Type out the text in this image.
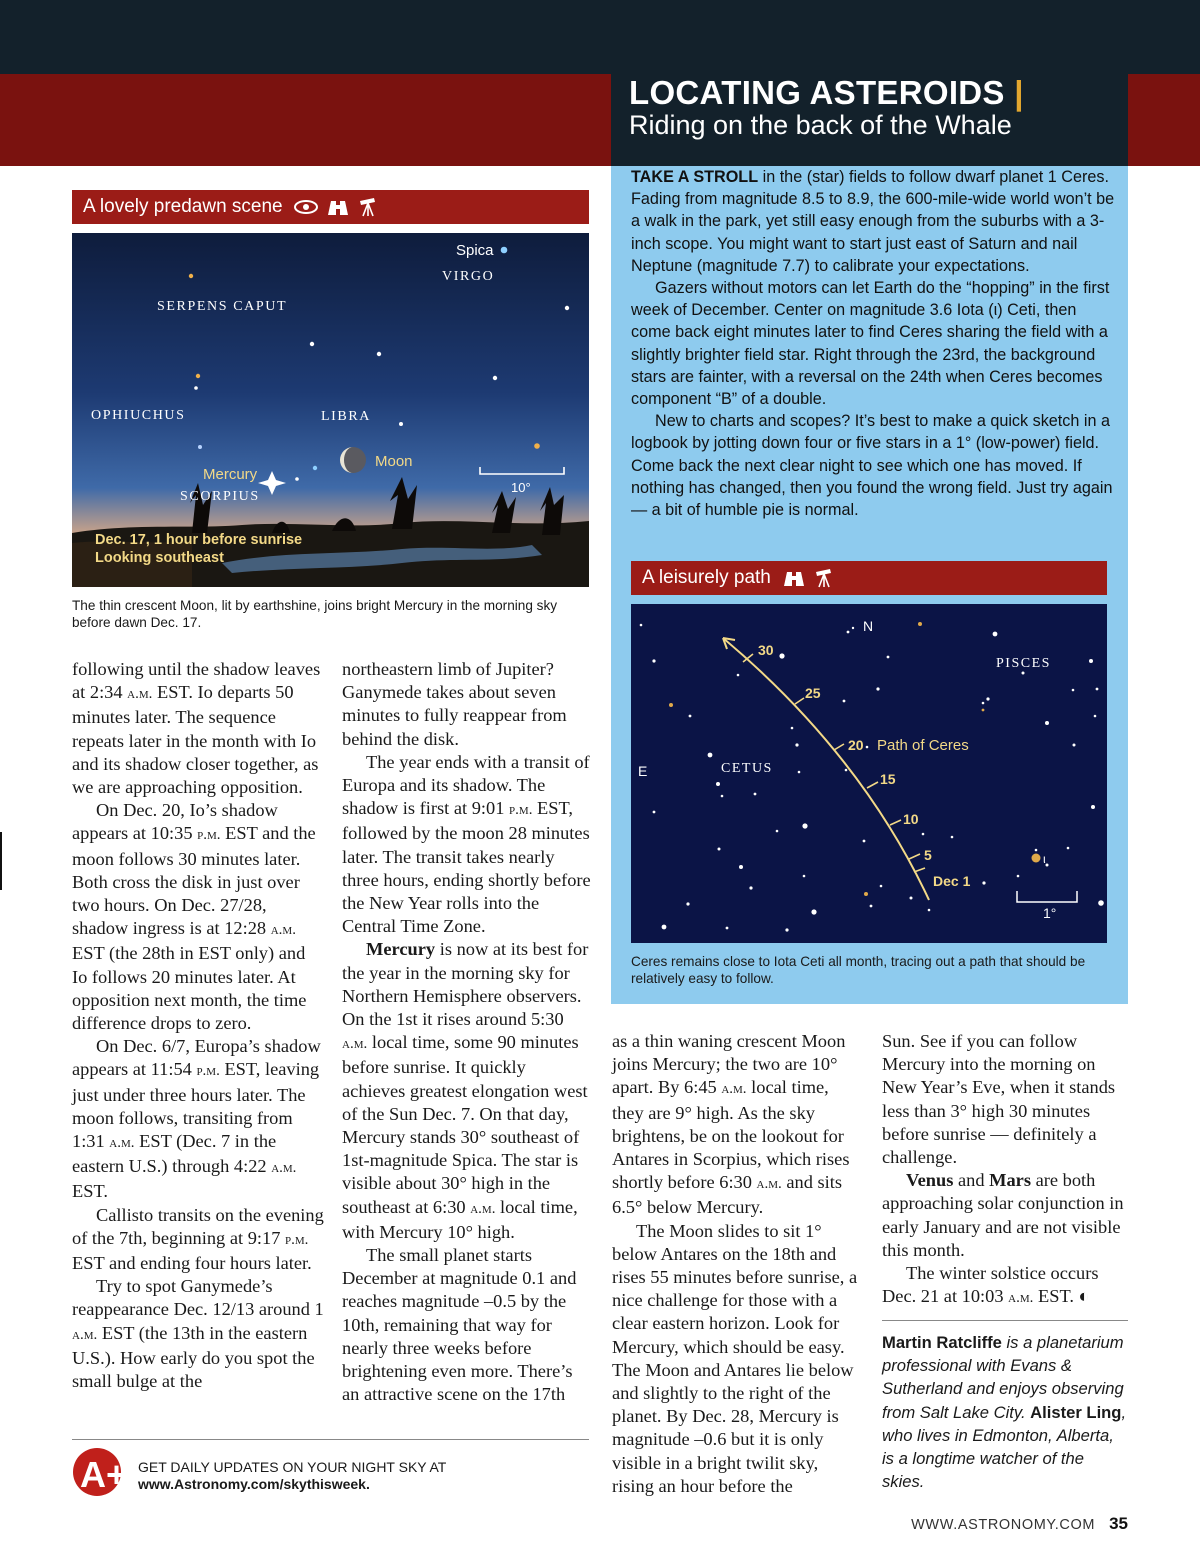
LOCATING ASTEROIDS |
Riding on the back of the Whale

TAKE A STROLL in the (star) fields to follow dwarf planet 1 Ceres. Fading from magnitude 8.5 to 8.9, the 600-mile-wide world won’t be a walk in the park, yet still easy enough from the suburbs with a 3-inch scope. You might want to start just east of Saturn and nail Neptune (magnitude 7.7) to calibrate your expectations.

Gazers without motors can let Earth do the “hopping” in the first week of December. Center on magnitude 3.6 Iota (ι) Ceti, then come back eight minutes later to find Ceres sharing the field with a slightly brighter field star. Right through the 23rd, the background stars are fainter, with a reversal on the 24th when Ceres becomes component “B” of a double.

New to charts and scopes? It’s best to make a quick sketch in a logbook by jotting down four or five stars in a 1° (low-power) field. Come back the next clear night to see which one has moved. If nothing has changed, then you found the wrong field. Just try again — a bit of humble pie is normal.

A lovely predawn scene
Spica
VIRGO
SERPENS CAPUT
OPHIUCHUS	LIBRA
SCORPIUS
Moon
Mercury
10°
Dec. 17, 1 hour before sunrise
Looking southeast
The thin crescent Moon, lit by earthshine, joins bright Mercury in the morning sky before dawn Dec. 17.
A leisurely path
30
25
20
15
10
5
Dec 1
Path of Ceres
N
E
1°
ι
PISCES
CETUS
Ceres remains close to Iota Ceti all month, tracing out a path that should be relatively easy to follow.

following until the shadow leaves at 2:34 a.m. EST. Io departs 50 minutes later. The sequence repeats later in the month with Io and its shadow closer together, as we are approaching opposition.

On Dec. 20, Io’s shadow appears at 10:35 p.m. EST and the moon follows 30 minutes later. Both cross the disk in just over two hours. On Dec. 27/28, shadow ingress is at 12:28 a.m. EST (the 28th in EST only) and Io follows 20 minutes later. At opposition next month, the time difference drops to zero.

On Dec. 6/7, Europa’s shadow appears at 11:54 p.m. EST, leaving just under three hours later. The moon follows, transiting from 1:31 a.m. EST (Dec. 7 in the eastern U.S.) through 4:22 a.m. EST.

Callisto transits on the evening of the 7th, beginning at 9:17 p.m. EST and ending four hours later.

Try to spot Ganymede’s reappearance Dec. 12/13 around 1 a.m. EST (the 13th in the eastern U.S.). How early do you spot the small bulge at the

northeastern limb of Jupiter? Ganymede takes about seven minutes to fully reappear from behind the disk.

The year ends with a transit of Europa and its shadow. The shadow is first at 9:01 p.m. EST, followed by the moon 28 minutes later. The transit takes nearly three hours, ending shortly before the New Year rolls into the Central Time Zone.

Mercury is now at its best for the year in the morning sky for Northern Hemisphere observers. On the 1st it rises around 5:30 a.m. local time, some 90 minutes before sunrise. It quickly achieves greatest elongation west of the Sun Dec. 7. On that day, Mercury stands 30° southeast of 1st-magnitude Spica. The star is visible about 30° high in the southeast at 6:30 a.m. local time, with Mercury 10° high.

The small planet starts December at magnitude 0.1 and reaches magnitude –0.5 by the 10th, remaining that way for nearly three weeks before brightening even more. There’s an attractive scene on the 17th

as a thin waning crescent Moon joins Mercury; the two are 10° apart. By 6:45 a.m. local time, they are 9° high. As the sky brightens, be on the lookout for Antares in Scorpius, which rises shortly before 6:30 a.m. and sits 6.5° below Mercury.

The Moon slides to sit 1° below Antares on the 18th and rises 55 minutes before sunrise, a nice challenge for those with a clear eastern horizon. Look for Mercury, which should be easy. The Moon and Antares lie below and slightly to the right of the planet. By Dec. 28, Mercury is magnitude –0.6 but it is only visible in a bright twilit sky, rising an hour before the

Sun. See if you can follow Mercury into the morning on New Year’s Eve, when it stands less than 3° high 30 minutes before sunrise — definitely a challenge.

Venus and Mars are both approaching solar conjunction in early January and are not visible this month.

The winter solstice occurs Dec. 21 at 10:03 a.m. EST. ◐

Martin Ratcliffe is a planetarium professional with Evans & Sutherland and enjoys observing from Salt Lake City. Alister Ling, who lives in Edmonton, Alberta, is a longtime watcher of the skies.
A+ GET DAILY UPDATES ON YOUR NIGHT SKY AT
www.Astronomy.com/skythisweek.
WWW.ASTRONOMY.COM 35
